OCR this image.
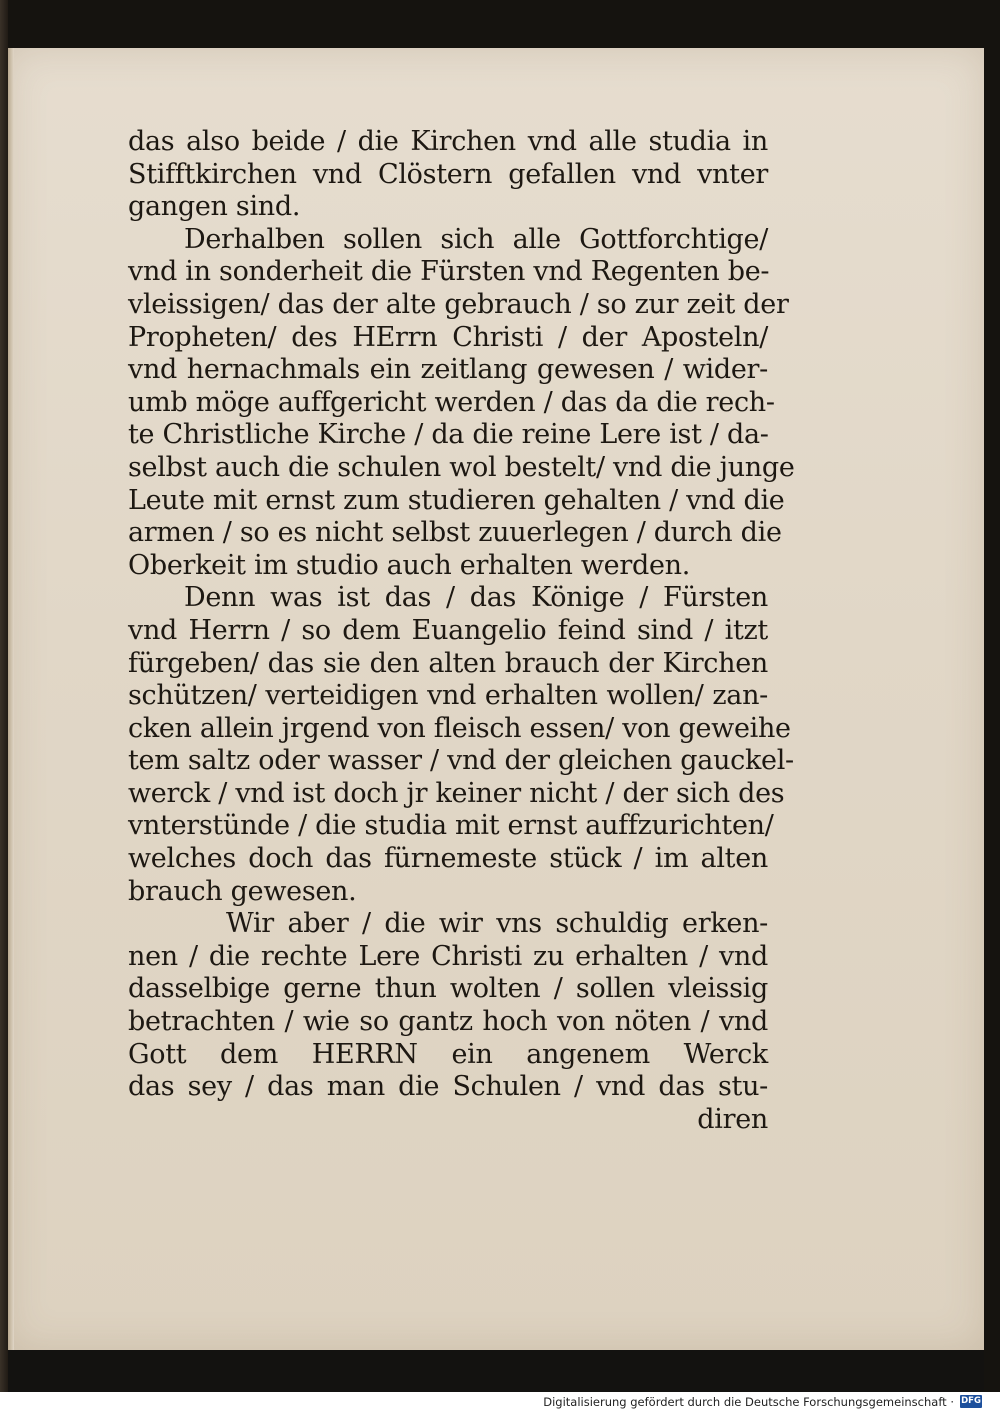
das also beide / die Kirchen vnd alle studia in
Stifftkirchen vnd Clöstern gefallen vnd vnter
gangen sind.
Derhalben sollen sich alle Gottforchtige/
vnd in sonderheit die Fürsten vnd Regenten be-
vleissigen/ das der alte gebrauch / so zur zeit der
Propheten/ des HErrn Christi / der Aposteln/
vnd hernachmals ein zeitlang gewesen / wider-
umb möge auffgericht werden / das da die rech-
te Christliche Kirche / da die reine Lere ist / da-
selbst auch die schulen wol bestelt/ vnd die junge
Leute mit ernst zum studieren gehalten / vnd die
armen / so es nicht selbst zuuerlegen / durch die
Oberkeit im studio auch erhalten werden.
Denn was ist das / das Könige / Fürsten
vnd Herrn / so dem Euangelio feind sind / itzt
fürgeben/ das sie den alten brauch der Kirchen
schützen/ verteidigen vnd erhalten wollen/ zan-
cken allein jrgend von fleisch essen/ von geweihe
tem saltz oder wasser / vnd der gleichen gauckel-
werck / vnd ist doch jr keiner nicht / der sich des
vnterstünde / die studia mit ernst auffzurichten/
welches doch das fürnemeste stück / im alten
brauch gewesen.
Wir aber / die wir vns schuldig erken-
nen / die rechte Lere Christi zu erhalten / vnd
dasselbige gerne thun wolten / sollen vleissig
betrachten / wie so gantz hoch von nöten / vnd
Gott dem HERRN ein angenem Werck
das sey / das man die Schulen / vnd das stu-
diren
Digitalisierung gefördert durch die Deutsche Forschungsgemeinschaft · DFG
